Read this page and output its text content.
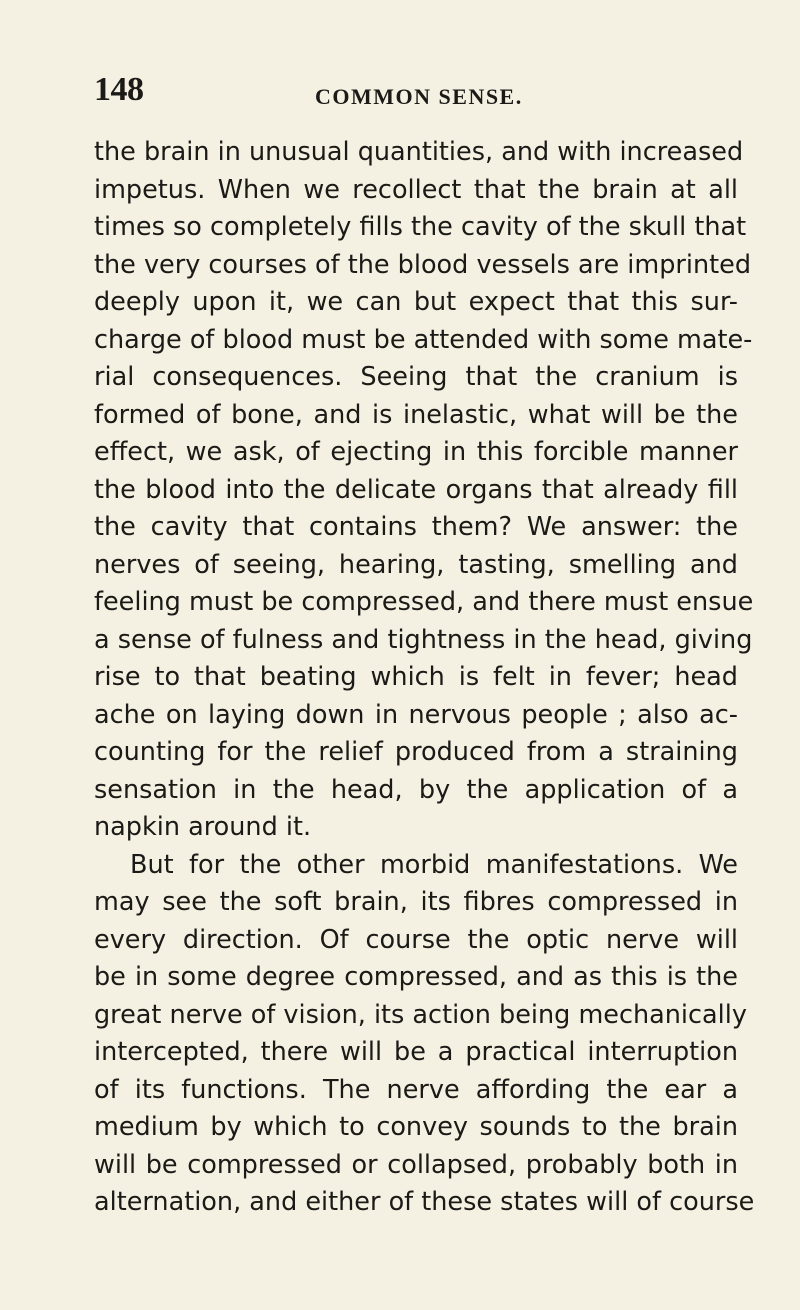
148	COMMON SENSE.
the brain in unusual quantities, and with increased
impetus. When we recollect that the brain at all
times so completely fills the cavity of the skull that
the very courses of the blood vessels are imprinted
deeply upon it, we can but expect that this sur-
charge of blood must be attended with some mate-
rial consequences. Seeing that the cranium is
formed of bone, and is inelastic, what will be the
effect, we ask, of ejecting in this forcible manner
the blood into the delicate organs that already fill
the cavity that contains them? We answer: the
nerves of seeing, hearing, tasting, smelling and
feeling must be compressed, and there must ensue
a sense of fulness and tightness in the head, giving
rise to that beating which is felt in fever; head
ache on laying down in nervous people ; also ac-
counting for the relief produced from a straining
sensation in the head, by the application of a
napkin around it.
But for the other morbid manifestations. We
may see the soft brain, its fibres compressed in
every direction. Of course the optic nerve will
be in some degree compressed, and as this is the
great nerve of vision, its action being mechanically
intercepted, there will be a practical interruption
of its functions. The nerve affording the ear a
medium by which to convey sounds to the brain
will be compressed or collapsed, probably both in
alternation, and either of these states will of course
